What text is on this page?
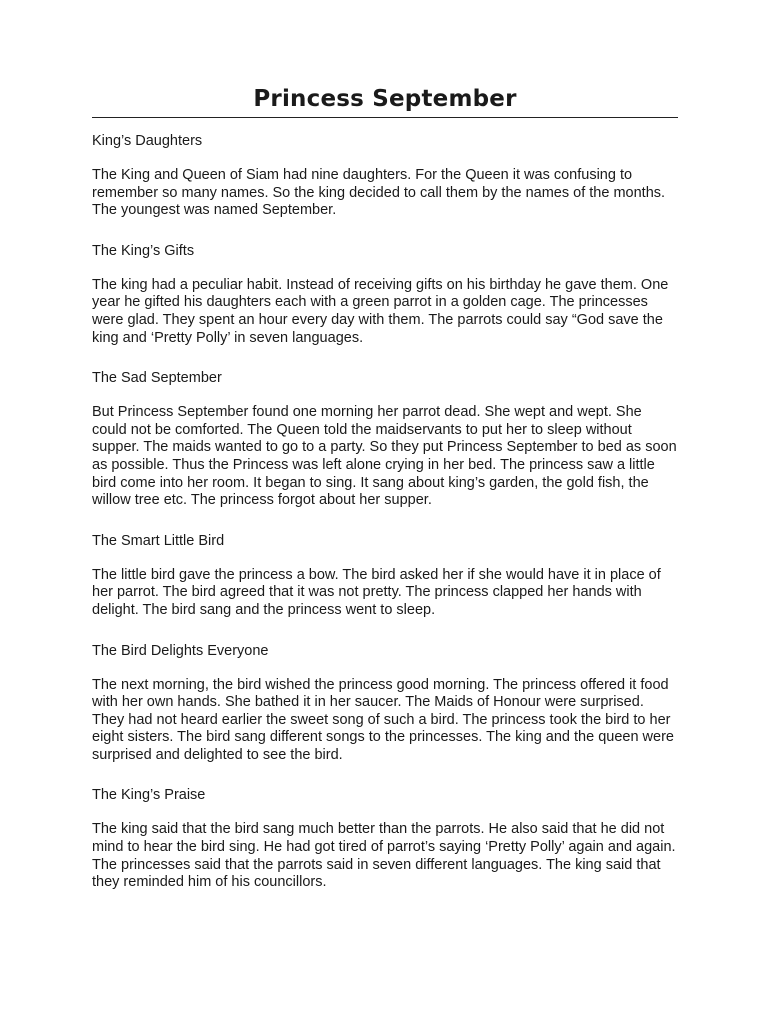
Princess September

King’s Daughters

The King and Queen of Siam had nine daughters. For the Queen it was confusing to remember so many names. So the king decided to call them by the names of the months. The youngest was named September.

The King’s Gifts

The king had a peculiar habit. Instead of receiving gifts on his birthday he gave them. One year he gifted his daughters each with a green parrot in a golden cage. The princesses were glad. They spent an hour every day with them. The parrots could say “God save the king and ‘Pretty Polly’ in seven languages.

The Sad September

But Princess September found one morning her parrot dead. She wept and wept. She could not be comforted. The Queen told the maidservants to put her to sleep without supper. The maids wanted to go to a party. So they put Princess September to bed as soon as possible. Thus the Princess was left alone crying in her bed. The princess saw a little bird come into her room. It began to sing. It sang about king’s garden, the gold fish, the willow tree etc. The princess forgot about her supper.

The Smart Little Bird

The little bird gave the princess a bow. The bird asked her if she would have it in place of her parrot. The bird agreed that it was not pretty. The princess clapped her hands with delight. The bird sang and the princess went to sleep.

The Bird Delights Everyone

The next morning, the bird wished the princess good morning. The princess offered it food with her own hands. She bathed it in her saucer. The Maids of Honour were surprised. They had not heard earlier the sweet song of such a bird. The princess took the bird to her eight sisters. The bird sang different songs to the princesses. The king and the queen were surprised and delighted to see the bird.

The King’s Praise

The king said that the bird sang much better than the parrots. He also said that he did not mind to hear the bird sing. He had got tired of parrot’s saying ‘Pretty Polly’ again and again. The princesses said that the parrots said in seven different languages. The king said that they reminded him of his councillors.
